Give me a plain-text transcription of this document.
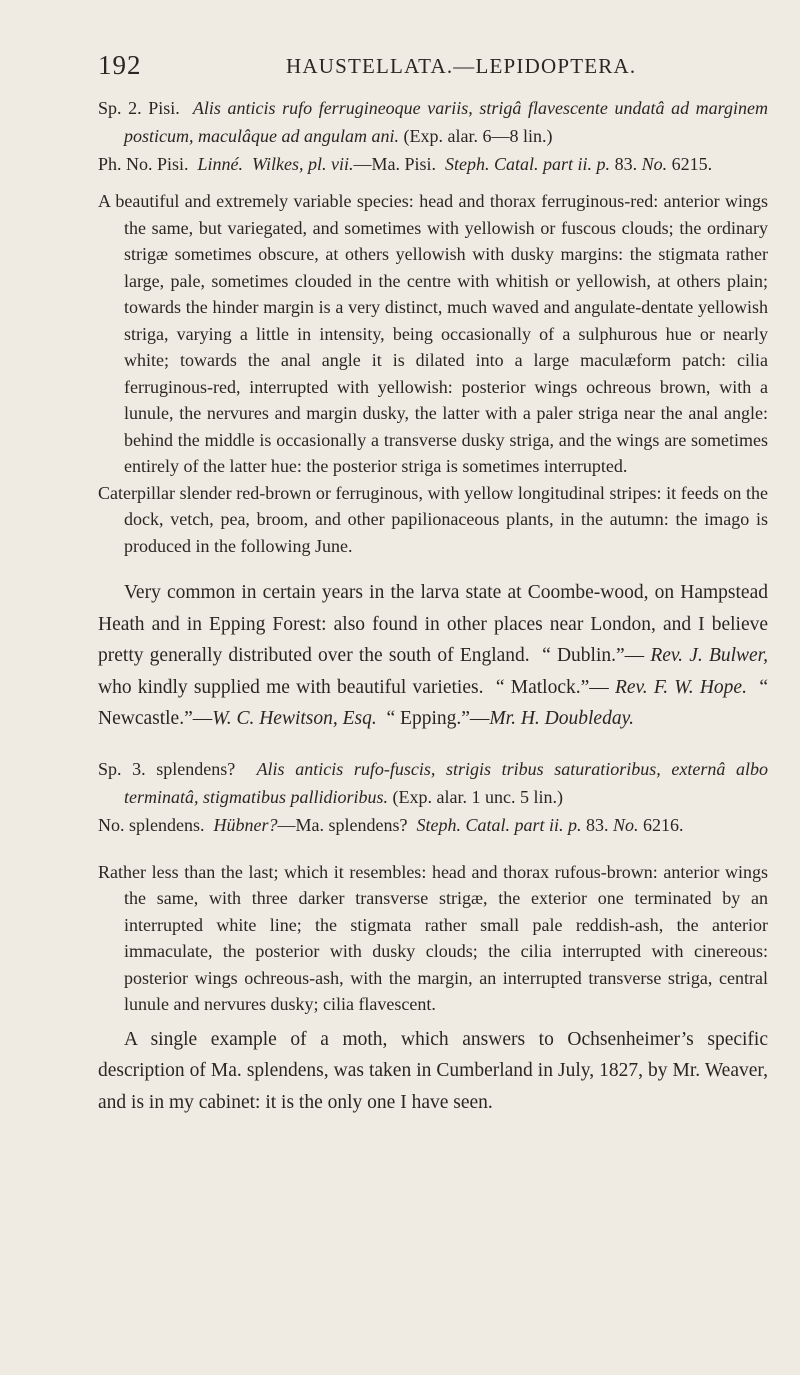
192	HAUSTELLATA.—LEPIDOPTERA.

Sp. 2. Pisi. Alis anticis rufo ferrugineoque variis, strigâ flavescente undatâ ad marginem posticum, maculâque ad angulam ani. (Exp. alar. 6—8 lin.)

Ph. No. Pisi. Linné. Wilkes, pl. vii.—Ma. Pisi. Steph. Catal. part ii. p. 83. No. 6215.

A beautiful and extremely variable species: head and thorax ferruginous-red: anterior wings the same, but variegated, and sometimes with yellowish or fuscous clouds; the ordinary strigæ sometimes obscure, at others yellowish with dusky margins: the stigmata rather large, pale, sometimes clouded in the centre with whitish or yellowish, at others plain; towards the hinder margin is a very distinct, much waved and angulate-dentate yellowish striga, varying a little in intensity, being occasionally of a sulphurous hue or nearly white; towards the anal angle it is dilated into a large maculæform patch: cilia ferruginous-red, interrupted with yellowish: posterior wings ochreous brown, with a lunule, the nervures and margin dusky, the latter with a paler striga near the anal angle: behind the middle is occasionally a transverse dusky striga, and the wings are sometimes entirely of the latter hue: the posterior striga is sometimes interrupted.

Caterpillar slender red-brown or ferruginous, with yellow longitudinal stripes: it feeds on the dock, vetch, pea, broom, and other papilionaceous plants, in the autumn: the imago is produced in the following June.

Very common in certain years in the larva state at Coombe-wood, on Hampstead Heath and in Epping Forest: also found in other places near London, and I believe pretty generally distributed over the south of England. “ Dublin.”— Rev. J. Bulwer, who kindly supplied me with beautiful varieties. “ Matlock.”— Rev. F. W. Hope. “ Newcastle.”—W. C. Hewitson, Esq. “ Epping.”—Mr. H. Doubleday.

Sp. 3. splendens? Alis anticis rufo-fuscis, strigis tribus saturatioribus, externâ albo terminatâ, stigmatibus pallidioribus. (Exp. alar. 1 unc. 5 lin.)

No. splendens. Hübner?—Ma. splendens? Steph. Catal. part ii. p. 83. No. 6216.

Rather less than the last; which it resembles: head and thorax rufous-brown: anterior wings the same, with three darker transverse strigæ, the exterior one terminated by an interrupted white line; the stigmata rather small pale reddish-ash, the anterior immaculate, the posterior with dusky clouds; the cilia interrupted with cinereous: posterior wings ochreous-ash, with the margin, an interrupted transverse striga, central lunule and nervures dusky; cilia flavescent.

A single example of a moth, which answers to Ochsenheimer’s specific description of Ma. splendens, was taken in Cumberland in July, 1827, by Mr. Weaver, and is in my cabinet: it is the only one I have seen.
